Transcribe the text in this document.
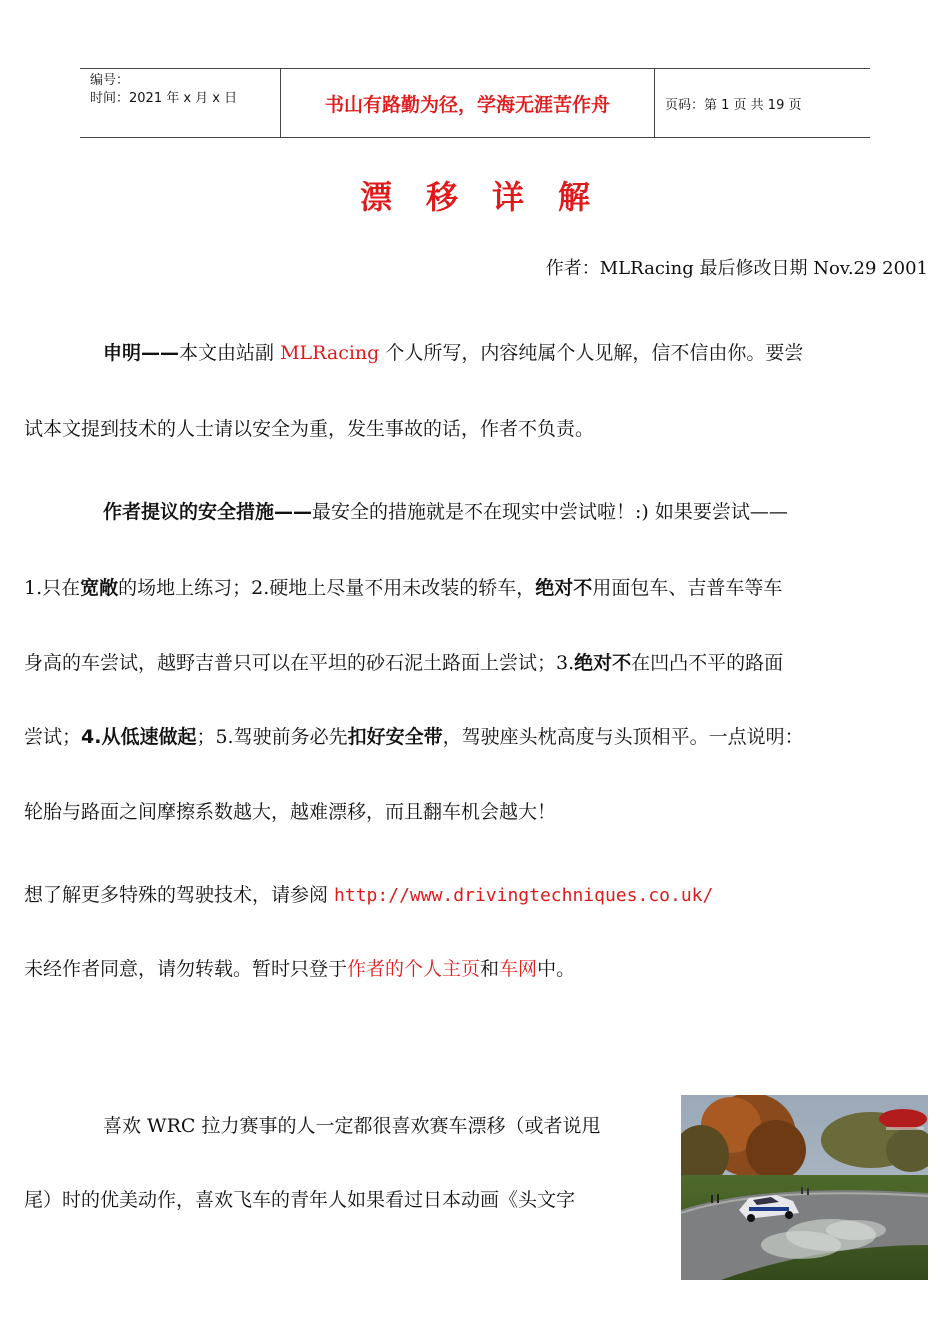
编号：
时间：2021 年 x 月 x 日	书山有路勤为径，学海无涯苦作舟	页码：第 1 页 共 19 页
漂移详解
作者：MLRacing 最后修改日期 Nov.29 2001
申明——本文由站副 MLRacing 个人所写，内容纯属个人见解，信不信由你。要尝
试本文提到技术的人士请以安全为重，发生事故的话，作者不负责。
作者提议的安全措施——最安全的措施就是不在现实中尝试啦！:) 如果要尝试——
1.只在宽敞的场地上练习；2.硬地上尽量不用未改装的轿车，绝对不用面包车、吉普车等车
身高的车尝试，越野吉普只可以在平坦的砂石泥土路面上尝试；3.绝对不在凹凸不平的路面
尝试；4.从低速做起；5.驾驶前务必先扣好安全带，驾驶座头枕高度与头顶相平。一点说明：
轮胎与路面之间摩擦系数越大，越难漂移，而且翻车机会越大！
想了解更多特殊的驾驶技术，请参阅 http://www.drivingtechniques.co.uk/
未经作者同意，请勿转载。暂时只登于作者的个人主页和车网中。
喜欢 WRC 拉力赛事的人一定都很喜欢赛车漂移（或者说甩
尾）时的优美动作，喜欢飞车的青年人如果看过日本动画《头文字
